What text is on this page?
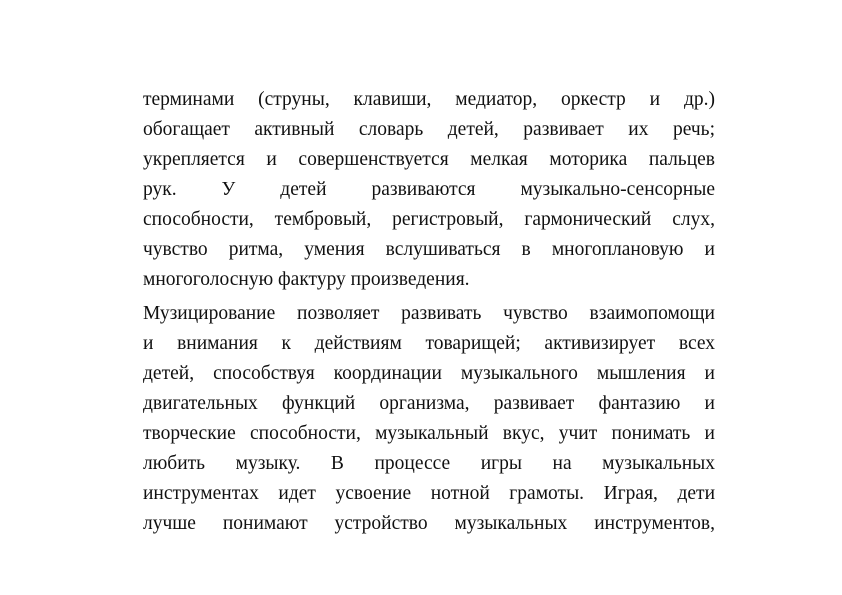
терминами (струны, клавиши, медиатор, оркестр и др.)
обогащает активный словарь детей, развивает их речь;
укрепляется и совершенствуется мелкая моторика пальцев
рук. У детей развиваются музыкально-сенсорные
способности, тембровый, регистровый, гармонический слух,
чувство ритма, умения вслушиваться в многоплановую и
многоголосную фактуру произведения.
Музицирование позволяет развивать чувство взаимопомощи
и внимания к действиям товарищей; активизирует всех
детей, способствуя координации музыкального мышления и
двигательных функций организма, развивает фантазию и
творческие способности, музыкальный вкус, учит понимать и
любить музыку. В процессе игры на музыкальных
инструментах идет усвоение нотной грамоты. Играя, дети
лучше понимают устройство музыкальных инструментов,
